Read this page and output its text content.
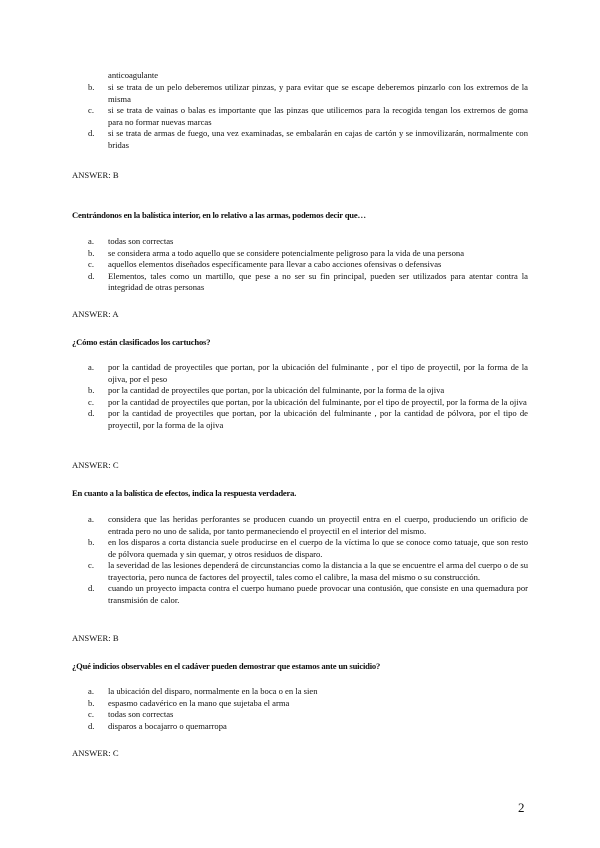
anticoagulante
b. si se trata de un pelo deberemos utilizar pinzas, y para evitar que se escape deberemos pinzarlo con los extremos de la misma
c. si se trata de vainas o balas es importante que las pinzas que utilicemos para la recogida tengan los extremos de goma para no formar nuevas marcas
d. si se trata de armas de fuego, una vez examinadas, se embalarán en cajas de cartón y se inmovilizarán, normalmente con bridas
ANSWER: B
Centrándonos en la balística interior, en lo relativo a las armas, podemos decir que…
a. todas son correctas
b. se considera arma a todo aquello que se considere potencialmente peligroso para la vida de una persona
c. aquellos elementos diseñados específicamente para llevar a cabo acciones ofensivas o defensivas
d. Elementos, tales como un martillo, que pese a no ser su fin principal, pueden ser utilizados para atentar contra la integridad de otras personas
ANSWER: A
¿Cómo están clasificados los cartuchos?
a. por la cantidad de proyectiles que portan, por la ubicación del fulminante , por el tipo de proyectil, por la forma de la ojiva, por el peso
b. por la cantidad de proyectiles que portan, por la ubicación del fulminante, por la forma de la ojiva
c. por la cantidad de proyectiles que portan, por la ubicación del fulminante, por el tipo de proyectil, por la forma de la ojiva
d. por la cantidad de proyectiles que portan, por la ubicación del fulminante , por la cantidad de pólvora, por el tipo de proyectil, por la forma de la ojiva
ANSWER: C
En cuanto a la balística de efectos, indica la respuesta verdadera.
a. considera que las heridas perforantes se producen cuando un proyectil entra en el cuerpo, produciendo un orificio de entrada pero no uno de salida, por tanto permaneciendo el proyectil en el interior del mismo.
b. en los disparos a corta distancia suele producirse en el cuerpo de la víctima lo que se conoce como tatuaje, que son resto de pólvora quemada y sin quemar, y otros residuos de disparo.
c. la severidad de las lesiones dependerá de circunstancias como la distancia a la que se encuentre el arma del cuerpo o de su trayectoria, pero nunca de factores del proyectil, tales como el calibre, la masa del mismo o su construcción.
d. cuando un proyecto impacta contra el cuerpo humano puede provocar una contusión, que consiste en una quemadura por transmisión de calor.
ANSWER: B
¿Qué indicios observables en el cadáver pueden demostrar que estamos ante un suicidio?
a. la ubicación del disparo, normalmente en la boca o en la sien
b. espasmo cadavérico en la mano que sujetaba el arma
c. todas son correctas
d. disparos a bocajarro o quemarropa
ANSWER: C
2
